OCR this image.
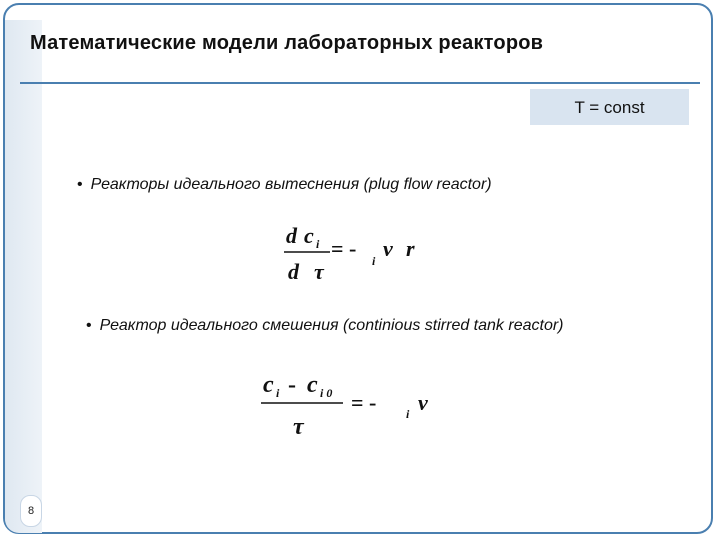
Математические модели лабораторных реакторов
T = const
• Реакторы идеального вытеснения (plug flow reactor)
d c i
d τ
= - i v r
• Реактор идеального смешения (continious stirred tank reactor)
c i - c i 0
τ
= - i v
8
